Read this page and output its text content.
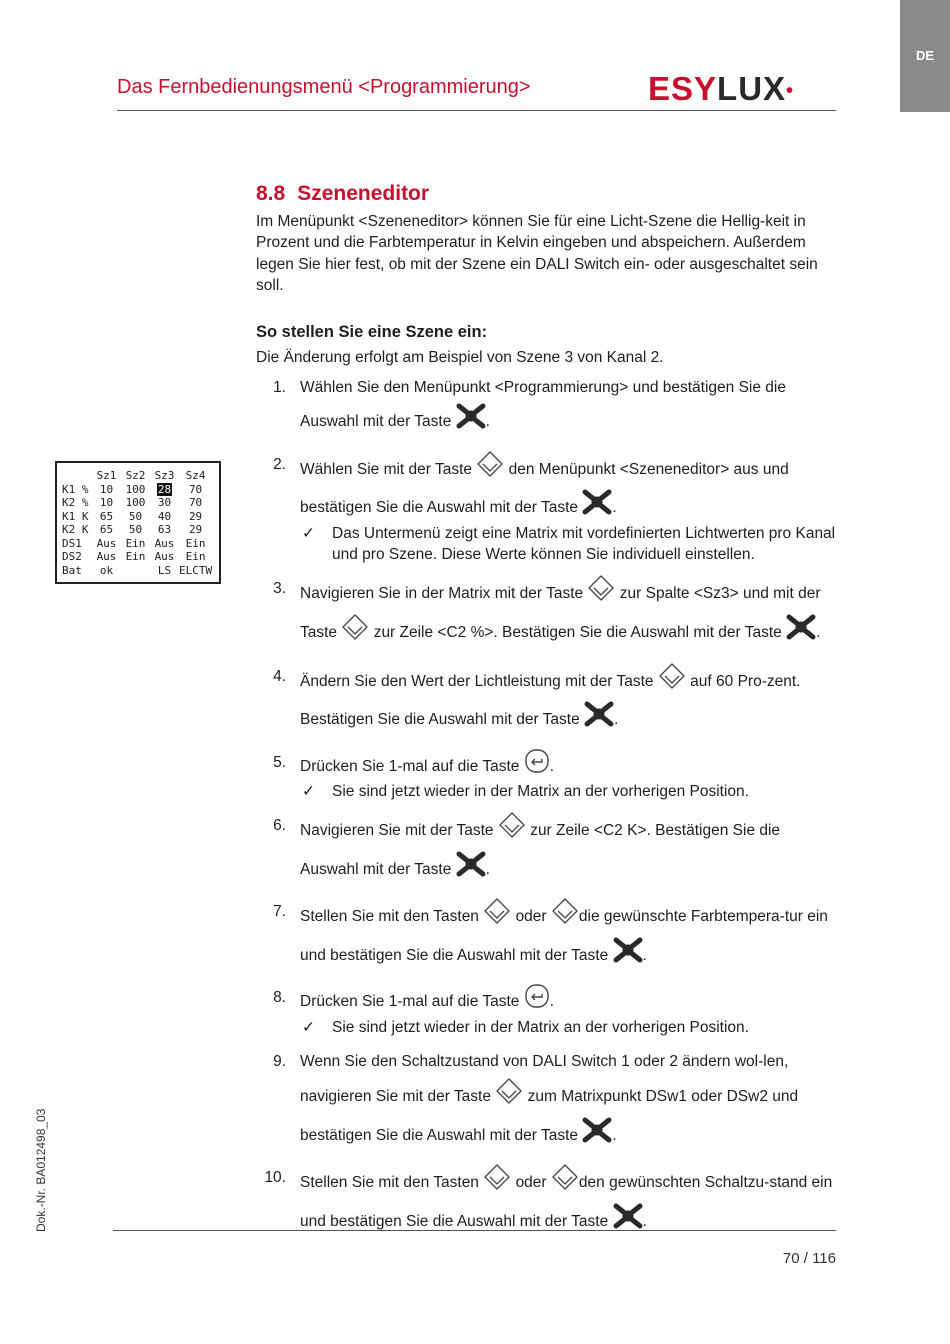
DE
Das Fernbedienungsmenü <Programmierung>	ESYLUX•
	Sz1	Sz2	Sz3	Sz4
K1 %	10	100	28	70
K2 %	10	100	30	70
K1 K	65	50	40	29
K2 K	65	50	63	29
DS1	Aus	Ein	Aus	Ein
DS2	Aus	Ein	Aus	Ein
Bat	ok		LS	ELCTW
8.8 Szeneneditor

Im Menüpunkt <Szeneneditor> können Sie für eine Licht-Szene die Hellig-keit in Prozent und die Farbtemperatur in Kelvin eingeben und abspeichern. Außerdem legen Sie hier fest, ob mit der Szene ein DALI Switch ein- oder ausgeschaltet sein soll.

So stellen Sie eine Szene ein:

Die Änderung erfolgt am Beispiel von Szene 3 von Kanal 2.

1. Wählen Sie den Menüpunkt <Programmierung> und bestätigen Sie die Auswahl mit der Taste .
2. Wählen Sie mit der Taste den Menüpunkt <Szeneneditor> aus und bestätigen Sie die Auswahl mit der Taste .
✓ Das Untermenü zeigt eine Matrix mit vordefinierten Lichtwerten pro Kanal und pro Szene. Diese Werte können Sie individuell einstellen.
3. Navigieren Sie in der Matrix mit der Taste zur Spalte <Sz3> und mit der Taste zur Zeile <C2 %>. Bestätigen Sie die Auswahl mit der Taste .
4. Ändern Sie den Wert der Lichtleistung mit der Taste auf 60 Pro-zent. Bestätigen Sie die Auswahl mit der Taste .
5. Drücken Sie 1-mal auf die Taste .
✓ Sie sind jetzt wieder in der Matrix an der vorherigen Position.
6. Navigieren Sie mit der Taste zur Zeile <C2 K>. Bestätigen Sie die Auswahl mit der Taste .
7. Stellen Sie mit den Tasten oder die gewünschte Farbtempera-tur ein und bestätigen Sie die Auswahl mit der Taste .
8. Drücken Sie 1-mal auf die Taste .
✓ Sie sind jetzt wieder in der Matrix an der vorherigen Position.
9. Wenn Sie den Schaltzustand von DALI Switch 1 oder 2 ändern wol-len, navigieren Sie mit der Taste zum Matrixpunkt DSw1 oder DSw2 und bestätigen Sie die Auswahl mit der Taste .
10. Stellen Sie mit den Tasten oder den gewünschten Schaltzu-stand ein und bestätigen Sie die Auswahl mit der Taste .
70 / 116
Dok.-Nr. BA012498_03
